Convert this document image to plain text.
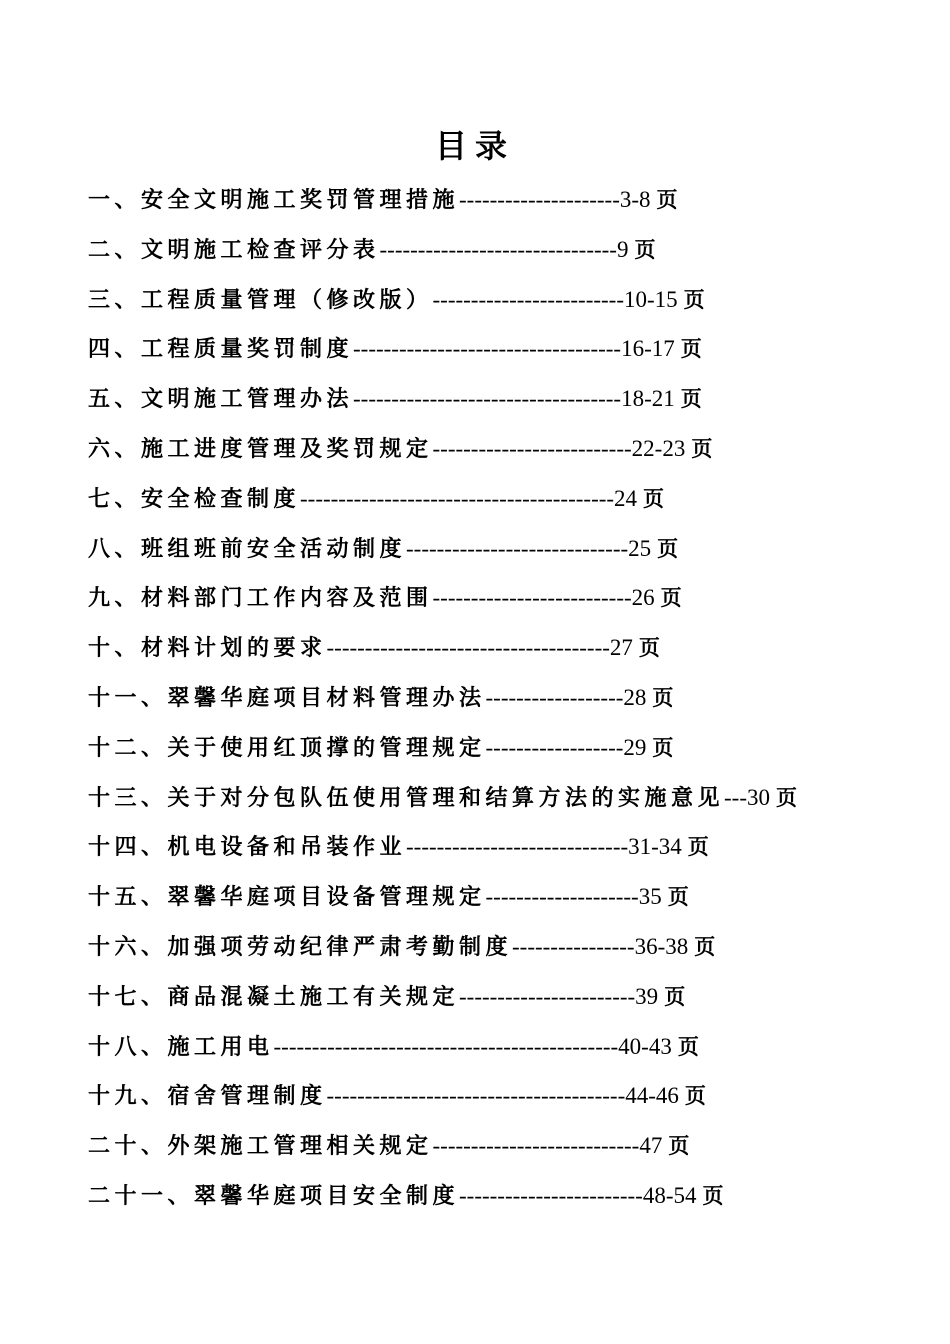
目录
一、安全文明施工奖罚管理措施---------------------3-8 页
二、文明施工检查评分表-------------------------------9 页
三、工程质量管理（修改版）-------------------------10-15 页
四、工程质量奖罚制度-----------------------------------16-17 页
五、文明施工管理办法-----------------------------------18-21 页
六、施工进度管理及奖罚规定--------------------------22-23 页
七、安全检查制度-----------------------------------------24 页
八、班组班前安全活动制度-----------------------------25 页
九、材料部门工作内容及范围--------------------------26 页
十、材料计划的要求-------------------------------------27 页
十一、翠馨华庭项目材料管理办法------------------28 页
十二、关于使用红顶撑的管理规定------------------29 页
十三、关于对分包队伍使用管理和结算方法的实施意见---30 页
十四、机电设备和吊装作业-----------------------------31-34 页
十五、翠馨华庭项目设备管理规定--------------------35 页
十六、加强项劳动纪律严肃考勤制度----------------36-38 页
十七、商品混凝土施工有关规定-----------------------39 页
十八、施工用电---------------------------------------------40-43 页
十九、宿舍管理制度---------------------------------------44-46 页
二十、外架施工管理相关规定---------------------------47 页
二十一、翠馨华庭项目安全制度------------------------48-54 页
